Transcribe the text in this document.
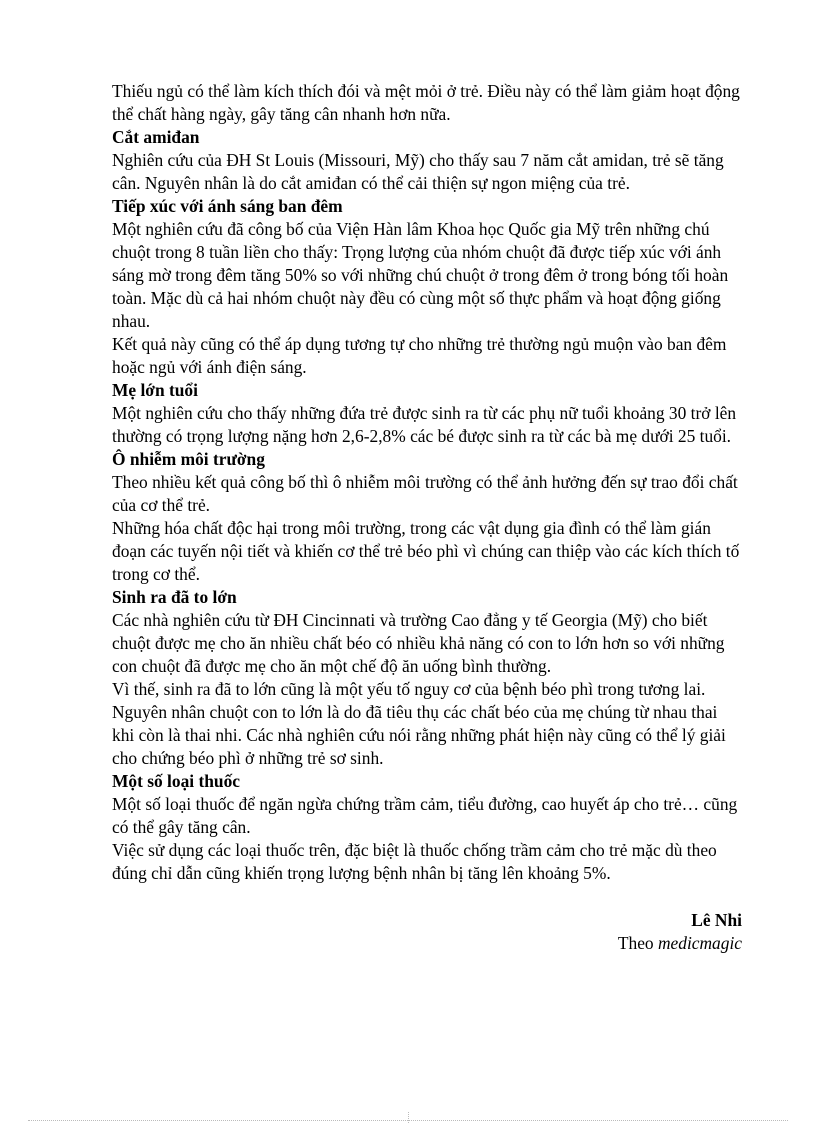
Thiếu ngủ có thể làm kích thích đói và mệt mỏi ở trẻ. Điều này có thể làm giảm hoạt động thể chất hàng ngày, gây tăng cân nhanh hơn nữa.

Cắt amiđan

Nghiên cứu của ĐH St Louis (Missouri, Mỹ) cho thấy sau 7 năm cắt amidan, trẻ sẽ tăng cân. Nguyên nhân là do cắt amiđan có thể cải thiện sự ngon miệng của trẻ.

Tiếp xúc với ánh sáng ban đêm

Một nghiên cứu đã công bố của Viện Hàn lâm Khoa học Quốc gia Mỹ trên những chú chuột trong 8 tuần liền cho thấy: Trọng lượng của nhóm chuột đã được tiếp xúc với ánh sáng mờ trong đêm tăng 50% so với những chú chuột ở trong đêm ở trong bóng tối hoàn toàn. Mặc dù cả hai nhóm chuột này đều có cùng một số thực phẩm và hoạt động giống nhau.

Kết quả này cũng có thể áp dụng tương tự cho những trẻ thường ngủ muộn vào ban đêm hoặc ngủ với ánh điện sáng.

Mẹ lớn tuổi

Một nghiên cứu cho thấy những đứa trẻ được sinh ra từ các phụ nữ tuổi khoảng 30 trở lên thường có trọng lượng nặng hơn 2,6-2,8% các bé được sinh ra từ các bà mẹ dưới 25 tuổi.

Ô nhiễm môi trường

Theo nhiều kết quả công bố thì ô nhiễm môi trường có thể ảnh hưởng đến sự trao đổi chất của cơ thể trẻ.

Những hóa chất độc hại trong môi trường, trong các vật dụng gia đình có thể làm gián đoạn các tuyến nội tiết và khiến cơ thể trẻ béo phì vì chúng can thiệp vào các kích thích tố trong cơ thể.

Sinh ra đã to lớn

Các nhà nghiên cứu từ ĐH Cincinnati và trường Cao đẳng y tế Georgia (Mỹ) cho biết chuột được mẹ cho ăn nhiều chất béo có nhiều khả năng có con to lớn hơn so với những con chuột đã được mẹ cho ăn một chế độ ăn uống bình thường.

Vì thế, sinh ra đã to lớn cũng là một yếu tố nguy cơ của bệnh béo phì trong tương lai.

Nguyên nhân chuột con to lớn là do đã tiêu thụ các chất béo của mẹ chúng từ nhau thai khi còn là thai nhi. Các nhà nghiên cứu nói rằng những phát hiện này cũng có thể lý giải cho chứng béo phì ở những trẻ sơ sinh.

Một số loại thuốc

Một số loại thuốc để ngăn ngừa chứng trầm cảm, tiểu đường, cao huyết áp cho trẻ… cũng có thể gây tăng cân.

Việc sử dụng các loại thuốc trên, đặc biệt là thuốc chống trầm cảm cho trẻ mặc dù theo đúng chỉ dẫn cũng khiến trọng lượng bệnh nhân bị tăng lên khoảng 5%.

Lê Nhi

Theo medicmagic
